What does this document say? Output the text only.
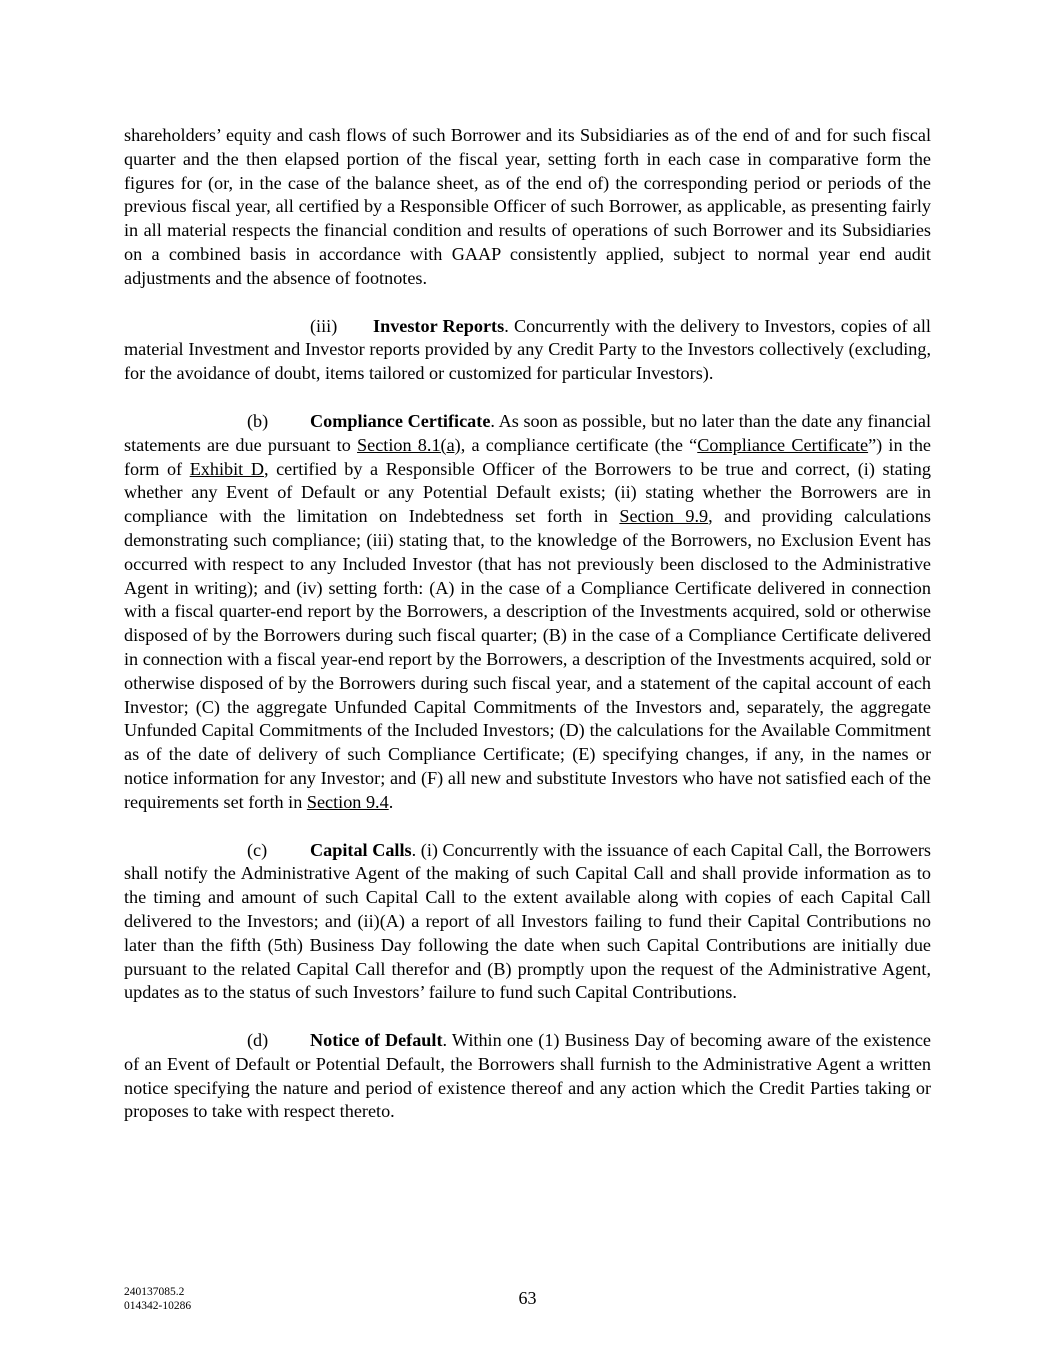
shareholders’ equity and cash flows of such Borrower and its Subsidiaries as of the end of and for such fiscal quarter and the then elapsed portion of the fiscal year, setting forth in each case in comparative form the figures for (or, in the case of the balance sheet, as of the end of) the corresponding period or periods of the previous fiscal year, all certified by a Responsible Officer of such Borrower, as applicable, as presenting fairly in all material respects the financial condition and results of operations of such Borrower and its Subsidiaries on a combined basis in accordance with GAAP consistently applied, subject to normal year end audit adjustments and the absence of footnotes.

(iii) Investor Reports. Concurrently with the delivery to Investors, copies of all material Investment and Investor reports provided by any Credit Party to the Investors collectively (excluding, for the avoidance of doubt, items tailored or customized for particular Investors).

(b) Compliance Certificate. As soon as possible, but no later than the date any financial statements are due pursuant to Section 8.1(a), a compliance certificate (the “Compliance Certificate”) in the form of Exhibit D, certified by a Responsible Officer of the Borrowers to be true and correct, (i) stating whether any Event of Default or any Potential Default exists; (ii) stating whether the Borrowers are in compliance with the limitation on Indebtedness set forth in Section 9.9, and providing calculations demonstrating such compliance; (iii) stating that, to the knowledge of the Borrowers, no Exclusion Event has occurred with respect to any Included Investor (that has not previously been disclosed to the Administrative Agent in writing); and (iv) setting forth: (A) in the case of a Compliance Certificate delivered in connection with a fiscal quarter-end report by the Borrowers, a description of the Investments acquired, sold or otherwise disposed of by the Borrowers during such fiscal quarter; (B) in the case of a Compliance Certificate delivered in connection with a fiscal year-end report by the Borrowers, a description of the Investments acquired, sold or otherwise disposed of by the Borrowers during such fiscal year, and a statement of the capital account of each Investor; (C) the aggregate Unfunded Capital Commitments of the Investors and, separately, the aggregate Unfunded Capital Commitments of the Included Investors; (D) the calculations for the Available Commitment as of the date of delivery of such Compliance Certificate; (E) specifying changes, if any, in the names or notice information for any Investor; and (F) all new and substitute Investors who have not satisfied each of the requirements set forth in Section 9.4.

(c) Capital Calls. (i) Concurrently with the issuance of each Capital Call, the Borrowers shall notify the Administrative Agent of the making of such Capital Call and shall provide information as to the timing and amount of such Capital Call to the extent available along with copies of each Capital Call delivered to the Investors; and (ii)(A) a report of all Investors failing to fund their Capital Contributions no later than the fifth (5th) Business Day following the date when such Capital Contributions are initially due pursuant to the related Capital Call therefor and (B) promptly upon the request of the Administrative Agent, updates as to the status of such Investors’ failure to fund such Capital Contributions.

(d) Notice of Default. Within one (1) Business Day of becoming aware of the existence of an Event of Default or Potential Default, the Borrowers shall furnish to the Administrative Agent a written notice specifying the nature and period of existence thereof and any action which the Credit Parties taking or proposes to take with respect thereto.

240137085.2
014342-10286	63
